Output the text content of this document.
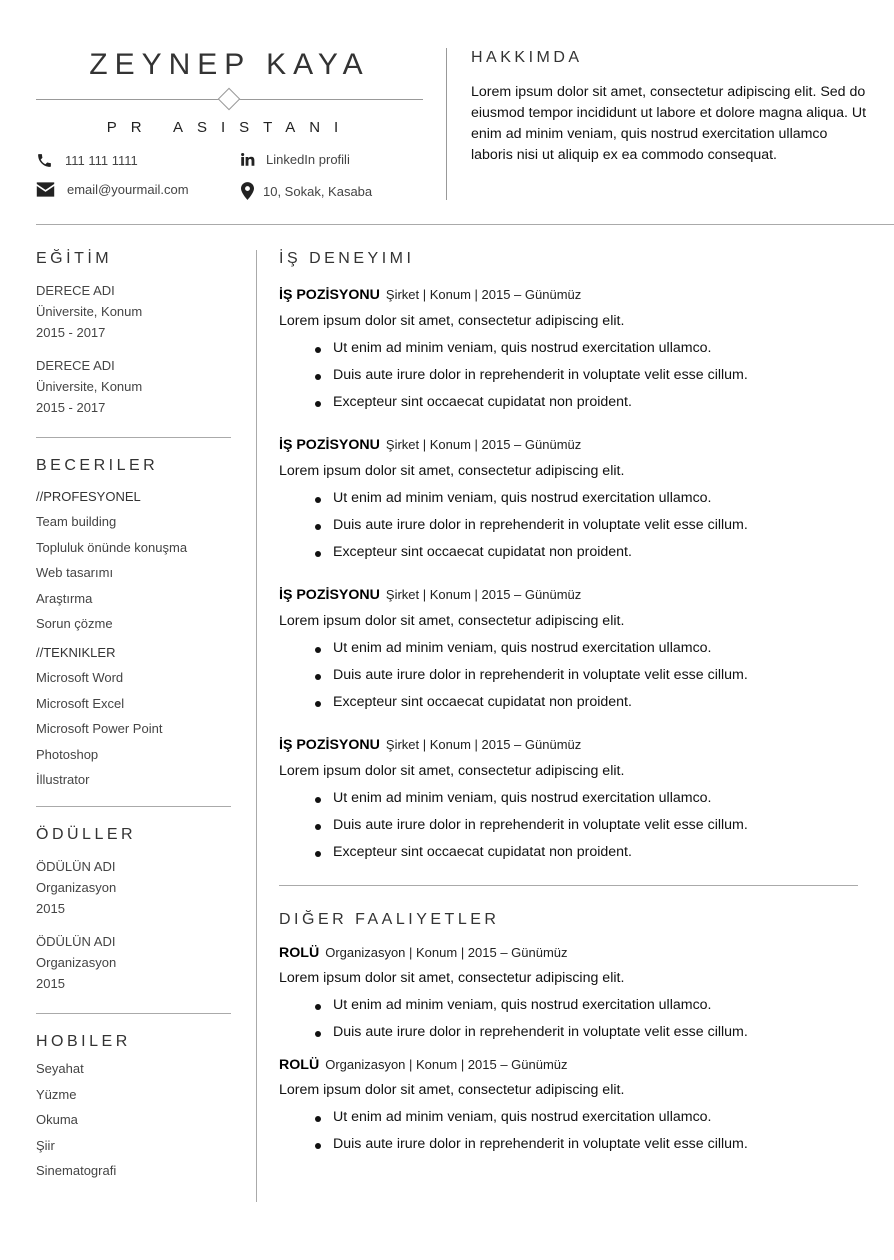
ZEYNEP KAYA
PR ASISTANI
111 111 1111	LinkedIn profili
email@yourmail.com	10, Sokak, Kasaba
HAKKIMDA
Lorem ipsum dolor sit amet, consectetur adipiscing elit. Sed do eiusmod tempor incididunt ut labore et dolore magna aliqua. Ut enim ad minim veniam, quis nostrud exercitation ullamco laboris nisi ut aliquip ex ea commodo consequat.
EĞİTİM
DERECE ADI
Üniversite, Konum
2015 - 2017
DERECE ADI
Üniversite, Konum
2015 - 2017
BECERILER
//PROFESYONEL
Team building
Topluluk önünde konuşma
Web tasarımı
Araştırma
Sorun çözme
//TEKNIKLER
Microsoft Word
Microsoft Excel
Microsoft Power Point
Photoshop
İllustrator
ÖDÜLLER
ÖDÜLÜN ADI
Organizasyon
2015
ÖDÜLÜN ADI
Organizasyon
2015
HOBILER
Seyahat
Yüzme
Okuma
Şiir
Sinematografi
İŞ DENEYIMI
İŞ POZİSYONU Şirket | Konum | 2015 – Günümüz
Lorem ipsum dolor sit amet, consectetur adipiscing elit.
Ut enim ad minim veniam, quis nostrud exercitation ullamco.
Duis aute irure dolor in reprehenderit in voluptate velit esse cillum.
Excepteur sint occaecat cupidatat non proident.
İŞ POZİSYONU Şirket | Konum | 2015 – Günümüz
Lorem ipsum dolor sit amet, consectetur adipiscing elit.
Ut enim ad minim veniam, quis nostrud exercitation ullamco.
Duis aute irure dolor in reprehenderit in voluptate velit esse cillum.
Excepteur sint occaecat cupidatat non proident.
İŞ POZİSYONU Şirket | Konum | 2015 – Günümüz
Lorem ipsum dolor sit amet, consectetur adipiscing elit.
Ut enim ad minim veniam, quis nostrud exercitation ullamco.
Duis aute irure dolor in reprehenderit in voluptate velit esse cillum.
Excepteur sint occaecat cupidatat non proident.
İŞ POZİSYONU Şirket | Konum | 2015 – Günümüz
Lorem ipsum dolor sit amet, consectetur adipiscing elit.
Ut enim ad minim veniam, quis nostrud exercitation ullamco.
Duis aute irure dolor in reprehenderit in voluptate velit esse cillum.
Excepteur sint occaecat cupidatat non proident.
DIĞER FAALIYETLER
ROLÜ Organizasyon | Konum | 2015 – Günümüz
Lorem ipsum dolor sit amet, consectetur adipiscing elit.
Ut enim ad minim veniam, quis nostrud exercitation ullamco.
Duis aute irure dolor in reprehenderit in voluptate velit esse cillum.
ROLÜ Organizasyon | Konum | 2015 – Günümüz
Lorem ipsum dolor sit amet, consectetur adipiscing elit.
Ut enim ad minim veniam, quis nostrud exercitation ullamco.
Duis aute irure dolor in reprehenderit in voluptate velit esse cillum.
